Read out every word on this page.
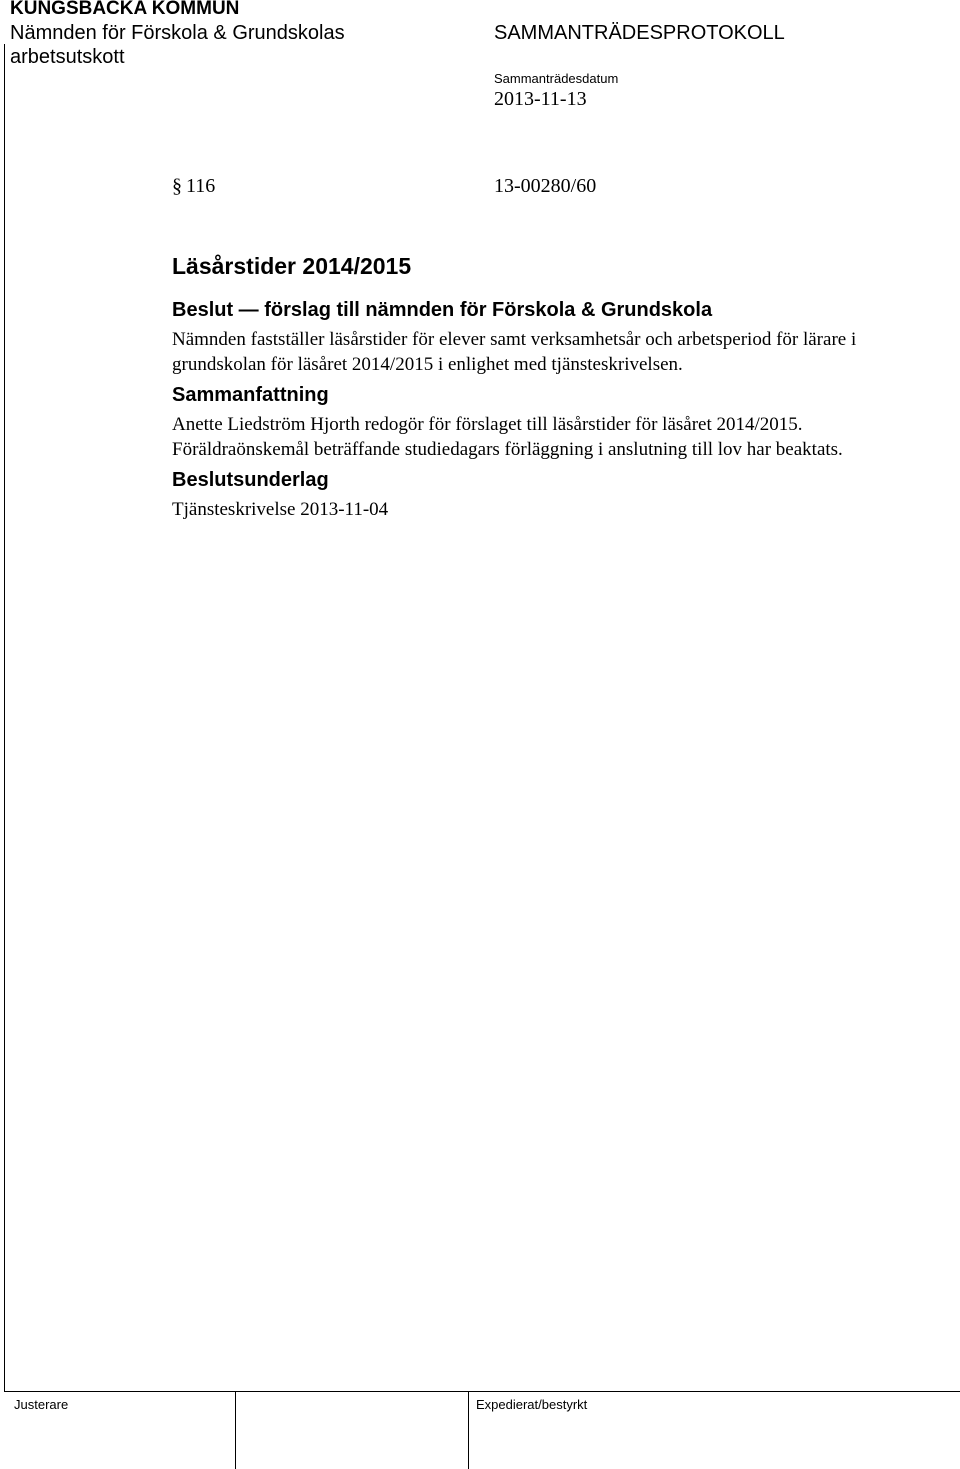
KUNGSBACKA KOMMUN
Nämnden för Förskola & Grundskolas arbetsutskott
SAMMANTRÄDESPROTOKOLL
Sammanträdesdatum
2013-11-13
§ 116	13-00280/60
Läsårstider 2014/2015
Beslut — förslag till nämnden för Förskola & Grundskola

Nämnden fastställer läsårstider för elever samt verksamhetsår och arbetsperiod för lärare i grundskolan för läsåret 2014/2015 i enlighet med tjänsteskrivelsen.

Sammanfattning

Anette Liedström Hjorth redogör för förslaget till läsårstider för läsåret 2014/2015.

Föräldraönskemål beträffande studiedagars förläggning i anslutning till lov har beaktats.

Beslutsunderlag

Tjänsteskrivelse 2013-11-04

Justerare	Expedierat/bestyrkt
